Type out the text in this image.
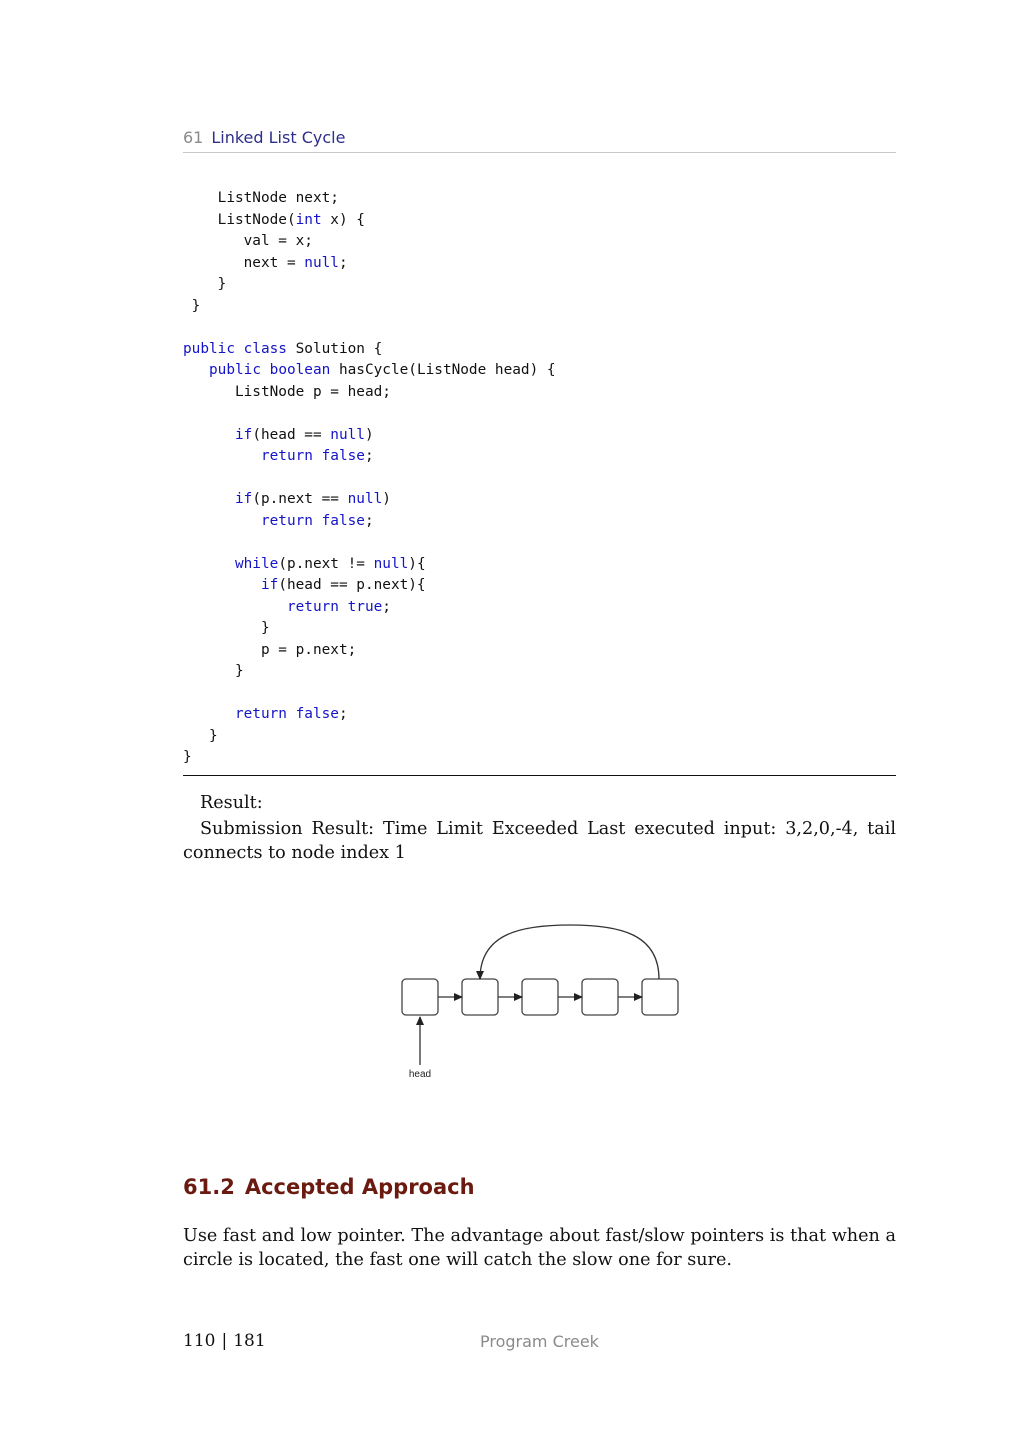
61 Linked List Cycle
ListNode next;
ListNode(int x) {
val = x;
next = null;
}
}

public class Solution {
public boolean hasCycle(ListNode head) {
ListNode p = head;

if(head == null)
return false;

if(p.next == null)
return false;

while(p.next != null){
if(head == p.next){
return true;
}
p = p.next;
}

return false;
}
}

Result:

Submission Result: Time Limit Exceeded Last executed input: 3,2,0,-4, tail connects to node index 1

head
61.2 Accepted Approach

Use fast and low pointer. The advantage about fast/slow pointers is that when a circle is located, the fast one will catch the slow one for sure.

110 | 181	Program Creek
